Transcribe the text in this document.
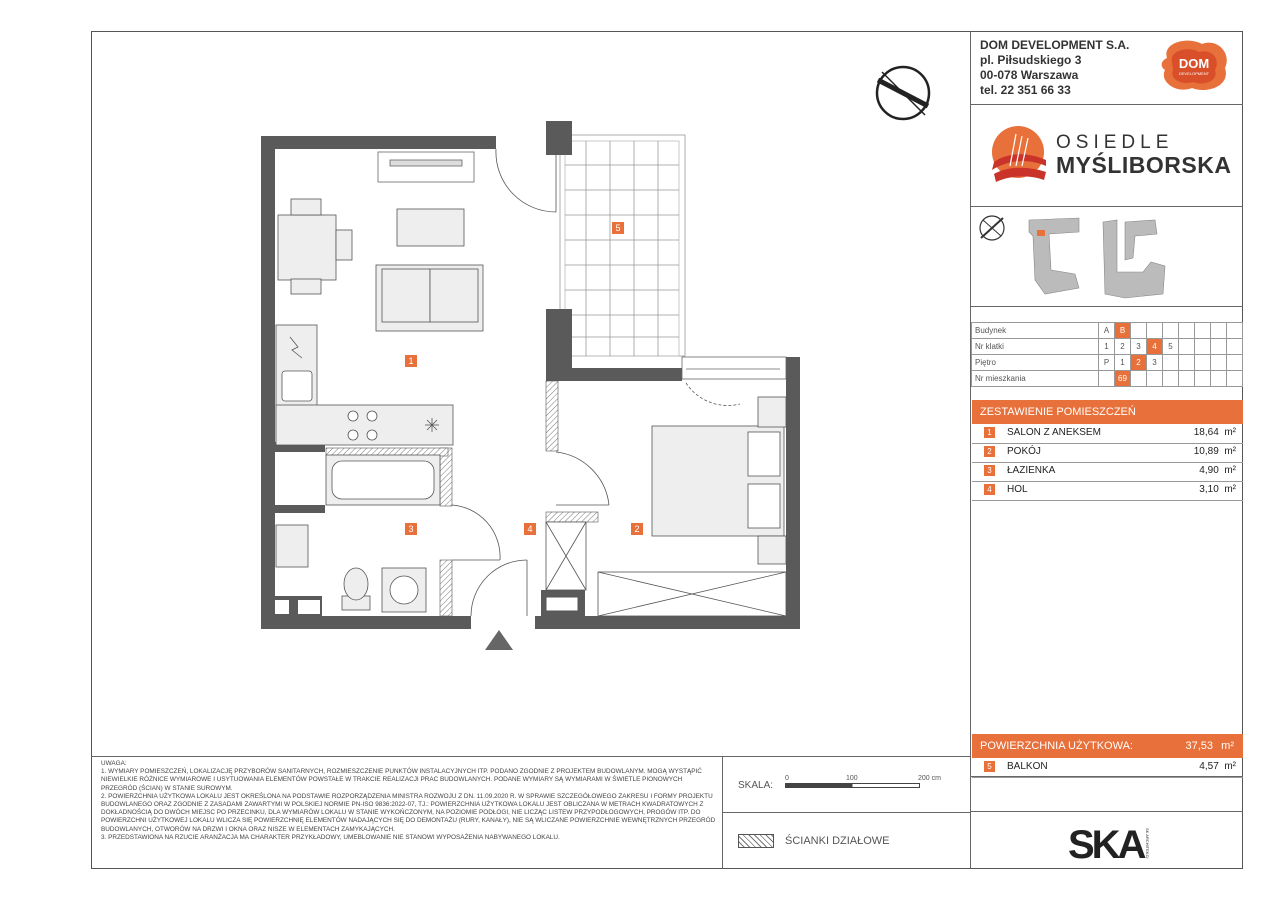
DOM DEVELOPMENT S.A.
pl. Piłsudskiego 3
00-078 Warszawa
tel. 22 351 66 33
DOM
DEVELOPMENT
OSIEDLE
MYŚLIBORSKA
Budynek	A	B							
Nr klatki	1	2	3	4	5				
Piętro	P	1	2	3					
Nr mieszkania		69							
ZESTAWIENIE POMIESZCZEŃ
1	SALON Z ANEKSEM	18,64 m²
2	POKÓJ	10,89 m²
3	ŁAZIENKA	4,90 m²
4	HOL	3,10 m²
POWIERZCHNIA UŻYTKOWA:	37,53 m²
5	BALKON	4,57 m²
SKA SK ARCHITEKCI
UWAGA:
1. WYMIARY POMIESZCZEŃ, LOKALIZACJĘ PRZYBORÓW SANITARNYCH, ROZMIESZCZENIE PUNKTÓW INSTALACYJNYCH ITP. PODANO ZGODNIE Z PROJEKTEM BUDOWLANYM. MOGĄ WYSTĄPIĆ NIEWIELKIE RÓŻNICE WYMIAROWE I USYTUOWANIA ELEMENTÓW POWSTAŁE W TRAKCIE REALIZACJI PRAC BUDOWLANYCH. PODANE WYMIARY SĄ WYMIARAMI W ŚWIETLE PIONOWYCH PRZEGRÓD (ŚCIAN) W STANIE SUROWYM.
2. POWIERZCHNIA UŻYTKOWA LOKALU JEST OKREŚLONA NA PODSTAWIE ROZPORZĄDZENIA MINISTRA ROZWOJU Z DN. 11.09.2020 R. W SPRAWIE SZCZEGÓŁOWEGO ZAKRESU I FORMY PROJEKTU BUDOWLANEGO ORAZ ZGODNIE Z ZASADAMI ZAWARTYMI W POLSKIEJ NORMIE PN-ISO 9836:2022-07, TJ.: POWIERZCHNIA UŻYTKOWA LOKALU JEST OBLICZANA W METRACH KWADRATOWYCH Z DOKŁADNOŚCIĄ DO DWÓCH MIEJSC PO PRZECINKU, DLA WYMIARÓW LOKALU W STANIE WYKOŃCZONYM, NA POZIOMIE PODŁOGI, NIE LICZĄC LISTEW PRZYPODŁOGOWYCH, PROGÓW ITP. DO POWIERZCHNI UŻYTKOWEJ LOKALU WLICZA SIĘ POWIERZCHNIĘ ELEMENTÓW NADAJĄCYCH SIĘ DO DEMONTAŻU (RURY, KANAŁY), NIE SĄ WLICZANE POWIERZCHNIE WEWNĘTRZNYCH PRZEGRÓD BUDOWLANYCH, OTWORÓW NA DRZWI I OKNA ORAZ NISZE W ELEMENTACH ZAMYKAJĄCYCH.
3. PRZEDSTAWIONA NA RZUCIE ARANŻACJA MA CHARAKTER PRZYKŁADOWY, UMEBLOWANIE NIE STANOWI WYPOSAŻENIA NABYWANEGO LOKALU.
SKALA:
0	100	200 cm
ŚCIANKI DZIAŁOWE
1
2
3	4
5
